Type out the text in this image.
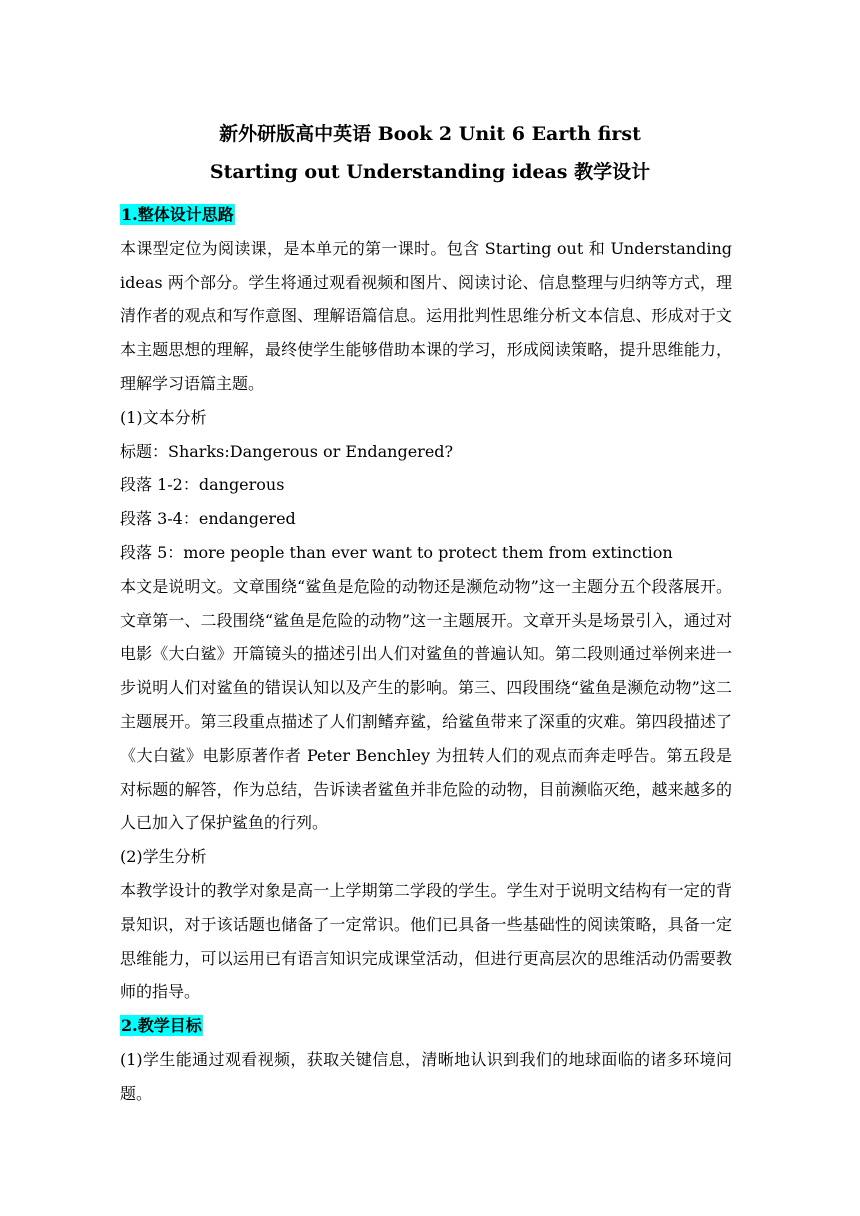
新外研版高中英语 Book 2 Unit 6 Earth first
Starting out Understanding ideas 教学设计

1.整体设计思路

本课型定位为阅读课，是本单元的第一课时。包含 Starting out 和 Understanding ideas 两个部分。学生将通过观看视频和图片、阅读讨论、信息整理与归纳等方式，理清作者的观点和写作意图、理解语篇信息。运用批判性思维分析文本信息、形成对于文本主题思想的理解，最终使学生能够借助本课的学习，形成阅读策略，提升思维能力，理解学习语篇主题。

(1)文本分析

标题：Sharks:Dangerous or Endangered?

段落 1-2：dangerous

段落 3-4：endangered

段落 5：more people than ever want to protect them from extinction

本文是说明文。文章围绕“鲨鱼是危险的动物还是濒危动物”这一主题分五个段落展开。文章第一、二段围绕“鲨鱼是危险的动物”这一主题展开。文章开头是场景引入，通过对电影《大白鲨》开篇镜头的描述引出人们对鲨鱼的普遍认知。第二段则通过举例来进一步说明人们对鲨鱼的错误认知以及产生的影响。第三、四段围绕“鲨鱼是濒危动物”这二主题展开。第三段重点描述了人们割鳍弃鲨，给鲨鱼带来了深重的灾难。第四段描述了《大白鲨》电影原著作者 Peter Benchley 为扭转人们的观点而奔走呼告。第五段是对标题的解答，作为总结，告诉读者鲨鱼并非危险的动物，目前濒临灭绝，越来越多的人已加入了保护鲨鱼的行列。

(2)学生分析

本教学设计的教学对象是高一上学期第二学段的学生。学生对于说明文结构有一定的背景知识，对于该话题也储备了一定常识。他们已具备一些基础性的阅读策略，具备一定思维能力，可以运用已有语言知识完成课堂活动，但进行更高层次的思维活动仍需要教师的指导。

2.教学目标

(1)学生能通过观看视频，获取关键信息，清晰地认识到我们的地球面临的诸多环境问题。
